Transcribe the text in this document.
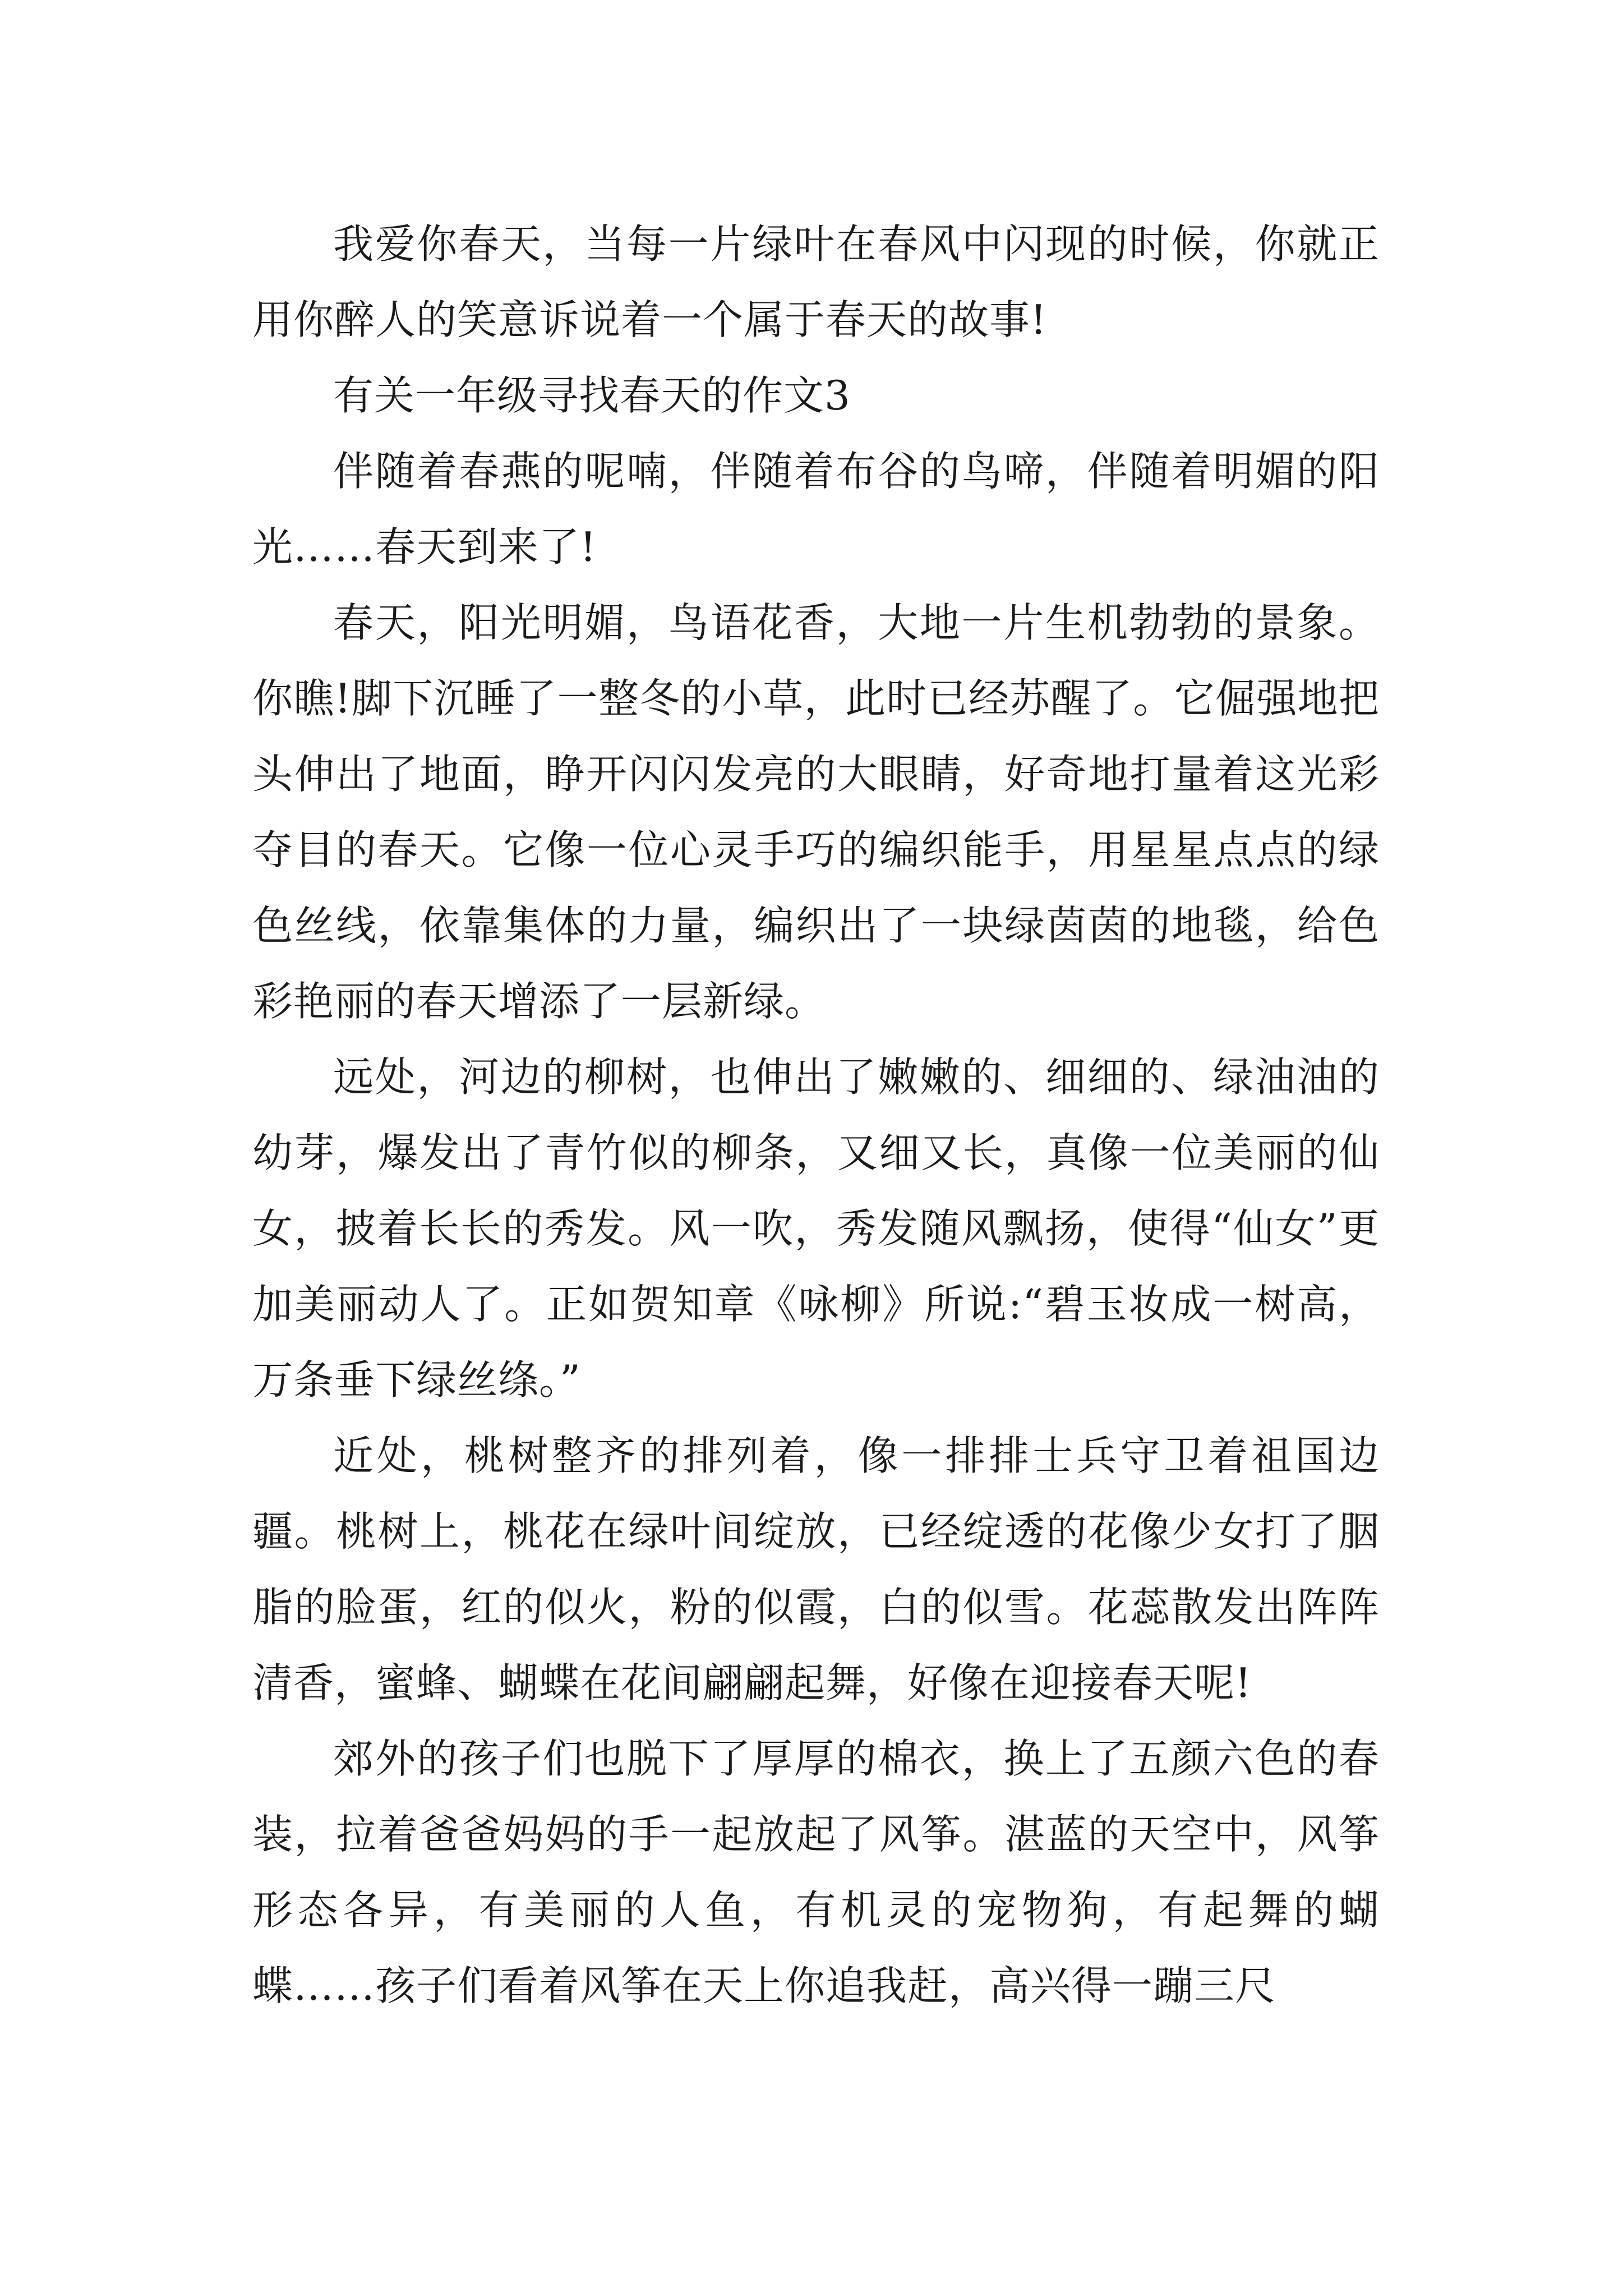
我爱你春天，当每一片绿叶在春风中闪现的时候，你就正用你醉人的笑意诉说着一个属于春天的故事!

有关一年级寻找春天的作文3

伴随着春燕的呢喃，伴随着布谷的鸟啼，伴随着明媚的阳光……春天到来了!

春天，阳光明媚，鸟语花香，大地一片生机勃勃的景象。你瞧!脚下沉睡了一整冬的小草，此时已经苏醒了。它倔强地把头伸出了地面，睁开闪闪发亮的大眼睛，好奇地打量着这光彩夺目的春天。它像一位心灵手巧的编织能手，用星星点点的绿色丝线，依靠集体的力量，编织出了一块绿茵茵的地毯，给色彩艳丽的春天增添了一层新绿。

远处，河边的柳树，也伸出了嫩嫩的、细细的、绿油油的幼芽，爆发出了青竹似的柳条，又细又长，真像一位美丽的仙女，披着长长的秀发。风一吹，秀发随风飘扬，使得“仙女”更加美丽动人了。正如贺知章《咏柳》所说:“碧玉妆成一树高，万条垂下绿丝绦。”

近处，桃树整齐的排列着，像一排排士兵守卫着祖国边疆。桃树上，桃花在绿叶间绽放，已经绽透的花像少女打了胭脂的脸蛋，红的似火，粉的似霞，白的似雪。花蕊散发出阵阵清香，蜜蜂、蝴蝶在花间翩翩起舞，好像在迎接春天呢!

郊外的孩子们也脱下了厚厚的棉衣，换上了五颜六色的春装，拉着爸爸妈妈的手一起放起了风筝。湛蓝的天空中，风筝形态各异，有美丽的人鱼，有机灵的宠物狗，有起舞的蝴蝶……孩子们看着风筝在天上你追我赶，高兴得一蹦三尺
